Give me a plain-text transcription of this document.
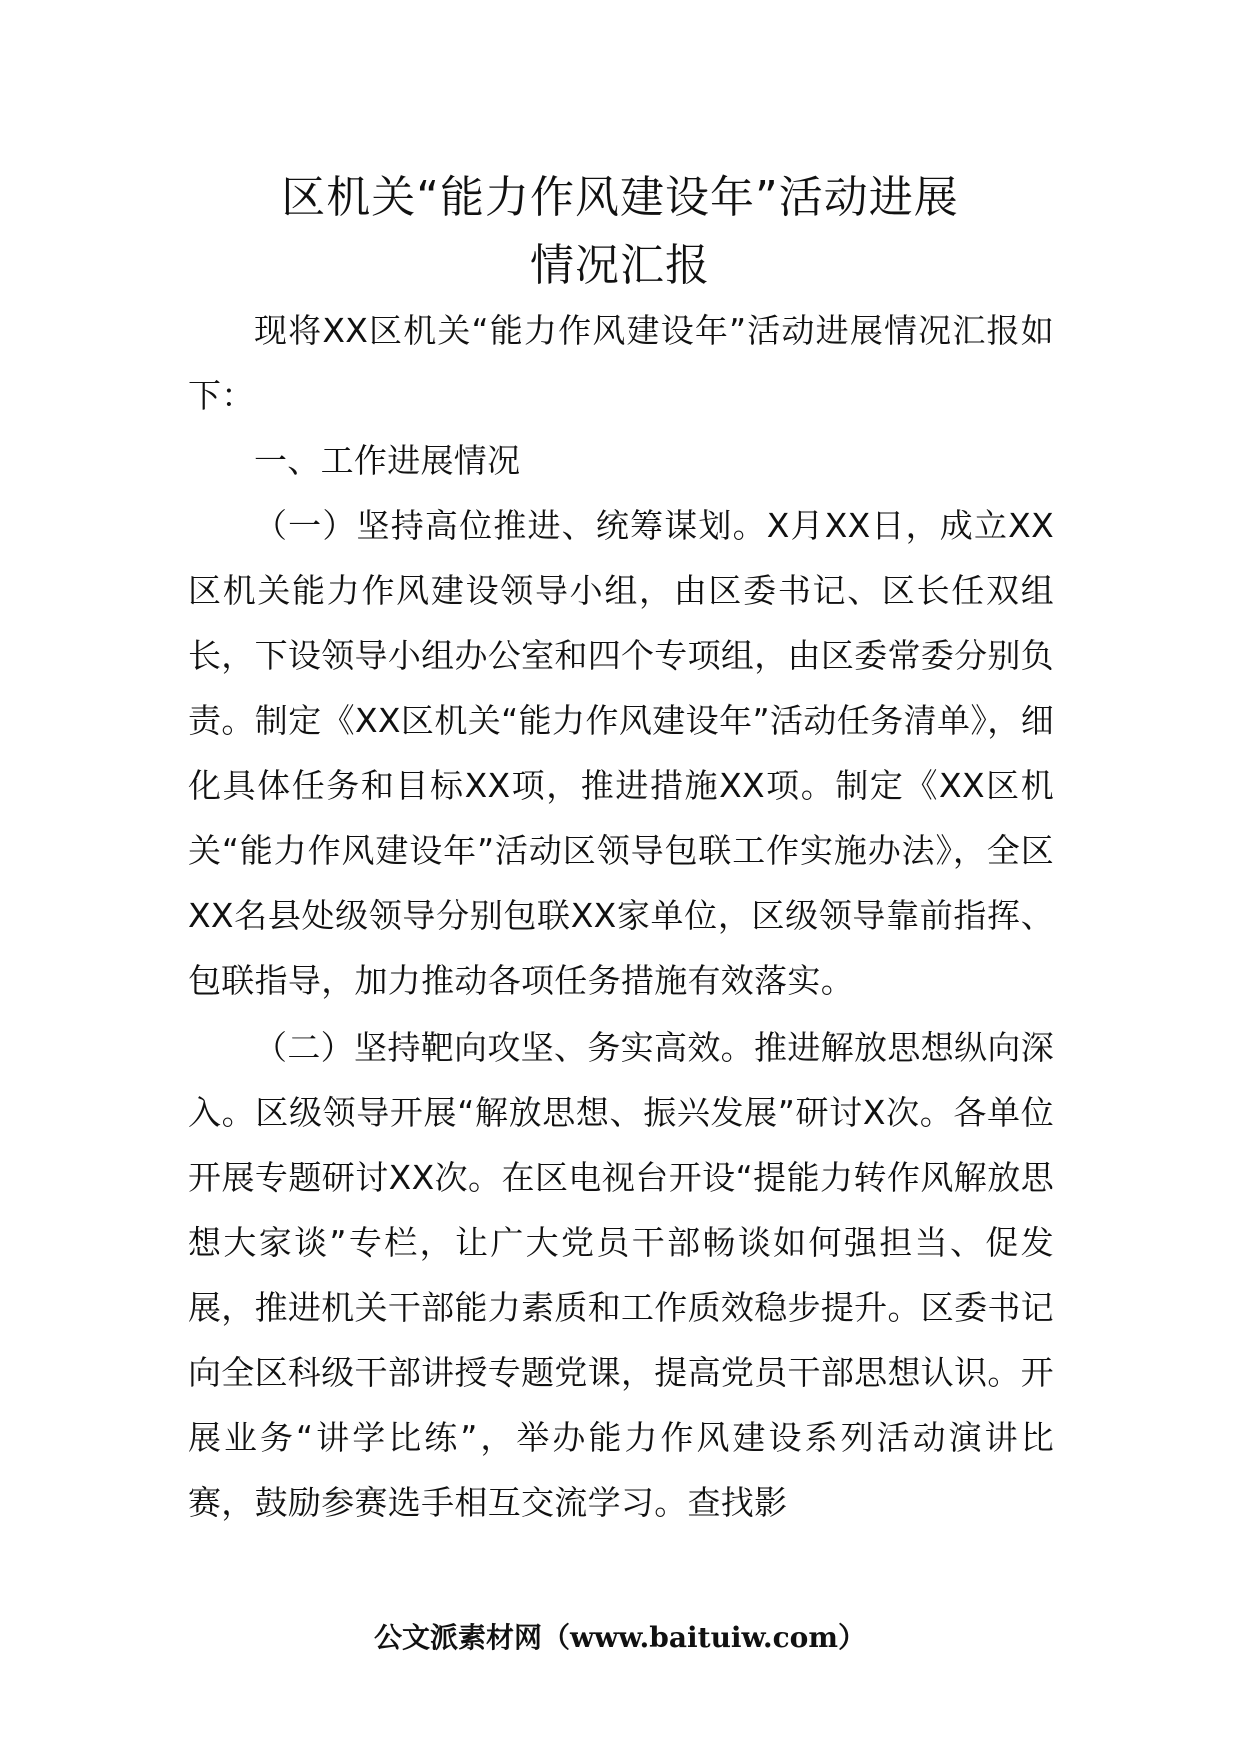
区机关“能力作风建设年”活动进展
情况汇报

现将XX区机关“能力作风建设年”活动进展情况汇报如下：

一、工作进展情况

（一）坚持高位推进、统筹谋划。X月XX日，成立XX区机关能力作风建设领导小组，由区委书记、区长任双组长，下设领导小组办公室和四个专项组，由区委常委分别负责。制定《XX区机关“能力作风建设年”活动任务清单》，细化具体任务和目标XX项，推进措施XX项。制定《XX区机关“能力作风建设年”活动区领导包联工作实施办法》，全区XX名县处级领导分别包联XX家单位，区级领导靠前指挥、包联指导，加力推动各项任务措施有效落实。

（二）坚持靶向攻坚、务实高效。推进解放思想纵向深入。区级领导开展“解放思想、振兴发展”研讨X次。各单位开展专题研讨XX次。在区电视台开设“提能力转作风解放思想大家谈”专栏，让广大党员干部畅谈如何强担当、促发展，推进机关干部能力素质和工作质效稳步提升。区委书记向全区科级干部讲授专题党课，提高党员干部思想认识。开展业务“讲学比练”，举办能力作风建设系列活动演讲比赛，鼓励参赛选手相互交流学习。查找影

公文派素材网（www.baituiw.com）
